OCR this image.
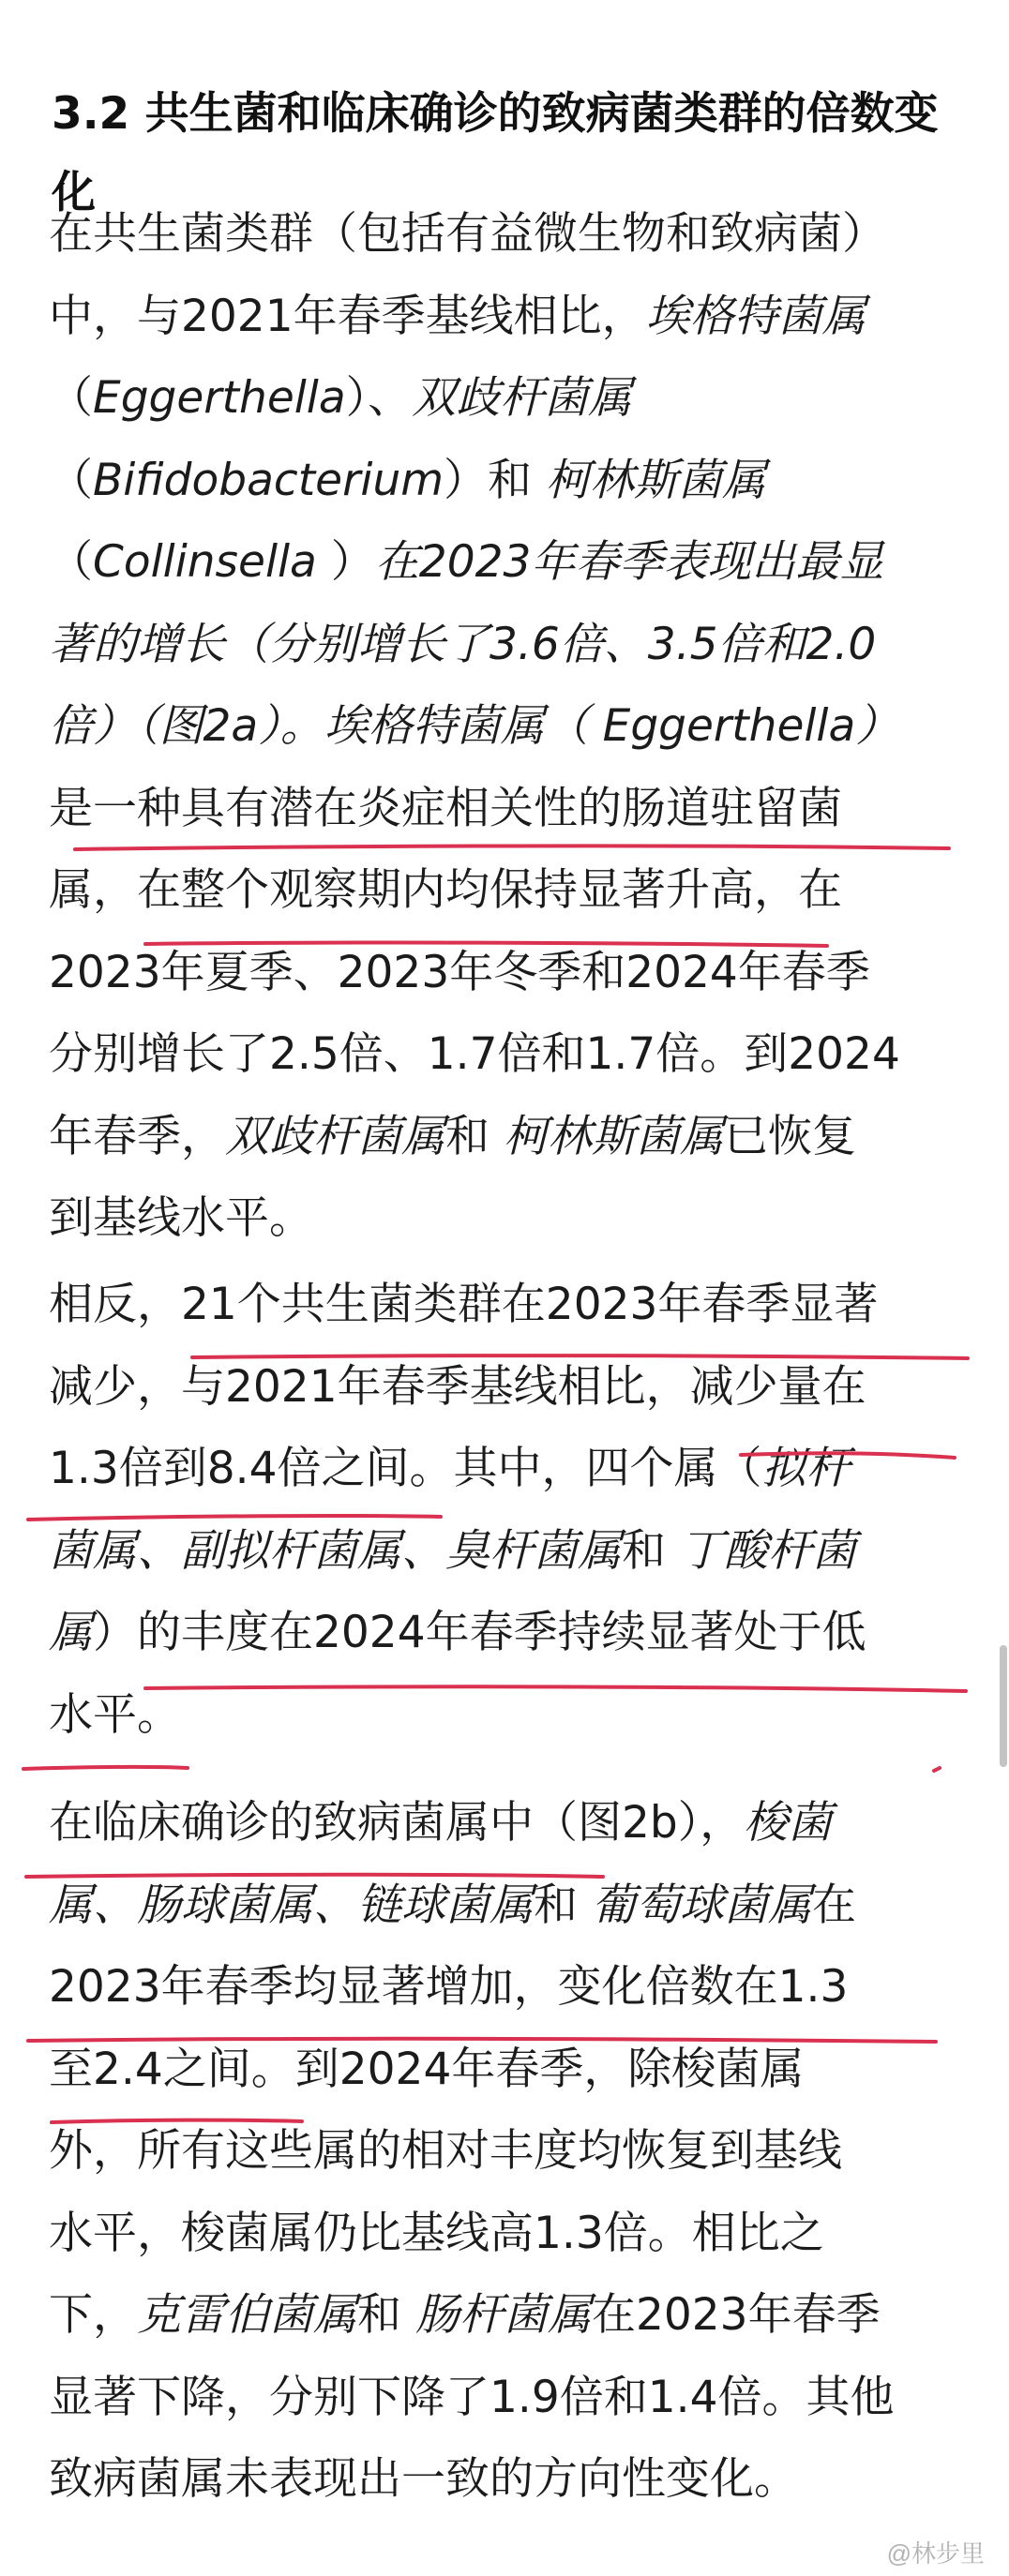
3.2 共生菌和临床确诊的致病菌类群的倍数变化
在共生菌类群（包括有益微生物和致病菌）
中，与2021年春季基线相比，埃格特菌属
（Eggerthella）、双歧杆菌属
（Bifidobacterium）和 柯林斯菌属
（Collinsella ）在2023年春季表现出最显
著的增长（分别增长了3.6倍、3.5倍和2.0
倍）（图2a）。埃格特菌属（ Eggerthella）
是一种具有潜在炎症相关性的肠道驻留菌
属，在整个观察期内均保持显著升高，在
2023年夏季、2023年冬季和2024年春季
分别增长了2.5倍、1.7倍和1.7倍。到2024
年春季，双歧杆菌属和 柯林斯菌属已恢复
到基线水平。
相反，21个共生菌类群在2023年春季显著
减少，与2021年春季基线相比，减少量在
1.3倍到8.4倍之间。其中，四个属（拟杆
菌属、副拟杆菌属、臭杆菌属和 丁酸杆菌
属）的丰度在2024年春季持续显著处于低
水平。
在临床确诊的致病菌属中（图2b），梭菌
属、肠球菌属、链球菌属和 葡萄球菌属在
2023年春季均显著增加，变化倍数在1.3
至2.4之间。到2024年春季，除梭菌属
外，所有这些属的相对丰度均恢复到基线
水平，梭菌属仍比基线高1.3倍。相比之
下，克雷伯菌属和 肠杆菌属在2023年春季
显著下降，分别下降了1.9倍和1.4倍。其他
致病菌属未表现出一致的方向性变化。
@林步里
